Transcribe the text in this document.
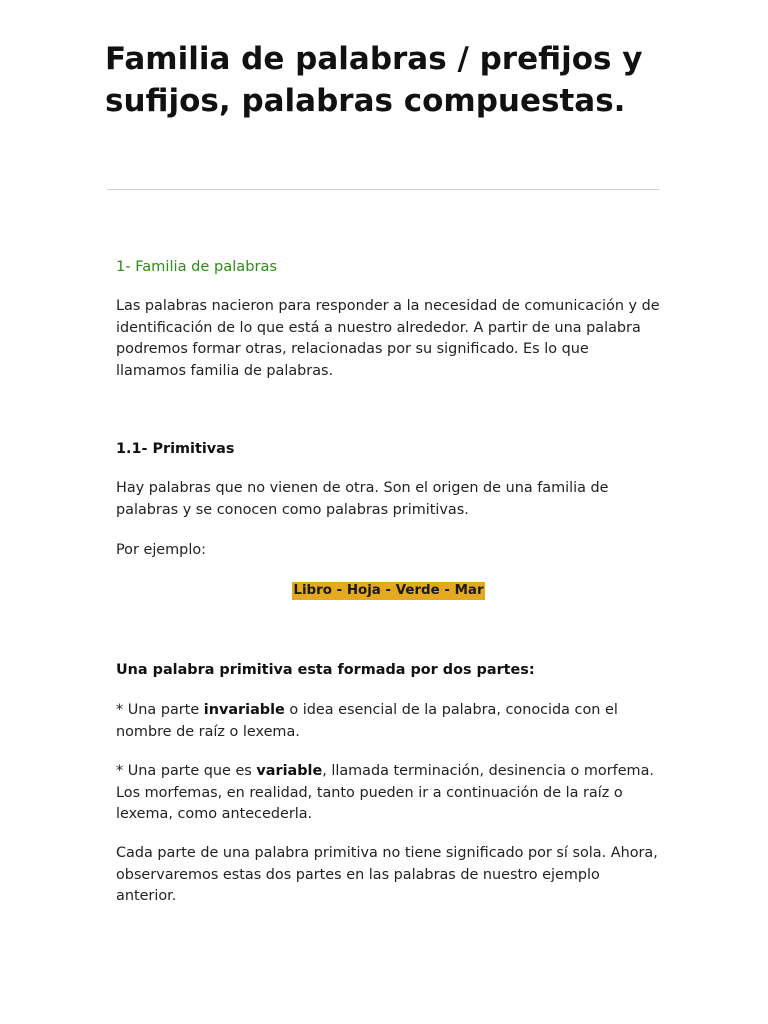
Familia de palabras / prefijos y sufijos, palabras compuestas.
1- Familia de palabras

Las palabras nacieron para responder a la necesidad de comunicación y de identificación de lo que está a nuestro alrededor. A partir de una palabra podremos formar otras, relacionadas por su significado. Es lo que llamamos familia de palabras.

1.1- Primitivas

Hay palabras que no vienen de otra. Son el origen de una familia de palabras y se conocen como palabras primitivas.

Por ejemplo:

Libro - Hoja - Verde - Mar
Una palabra primitiva esta formada por dos partes:

* Una parte invariable o idea esencial de la palabra, conocida con el nombre de raíz o lexema.

* Una parte que es variable, llamada terminación, desinencia o morfema. Los morfemas, en realidad, tanto pueden ir a continuación de la raíz o lexema, como antecederla.

Cada parte de una palabra primitiva no tiene significado por sí sola. Ahora, observaremos estas dos partes en las palabras de nuestro ejemplo anterior.
